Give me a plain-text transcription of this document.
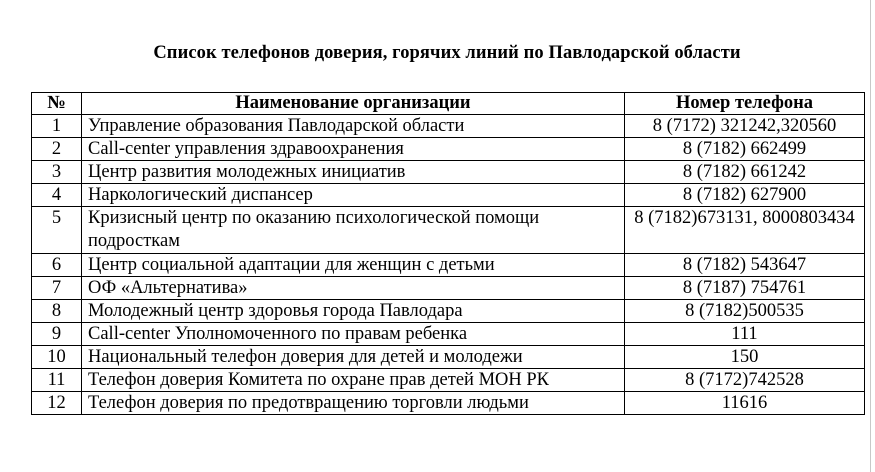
Список телефонов доверия, горячих линий по Павлодарской области
№	Наименование организации	Номер телефона
1	Управление образования Павлодарской области	8 (7172) 321242,320560
2	Call-center управления здравоохранения	8 (7182) 662499
3	Центр развития молодежных инициатив	8 (7182) 661242
4	Наркологический диспансер	8 (7182) 627900
5	Кризисный центр по оказанию психологической помощи подросткам	8 (7182)673131, 8000803434
6	Центр социальной адаптации для женщин с детьми	8 (7182) 543647
7	ОФ «Альтернатива»	8 (7187) 754761
8	Молодежный центр здоровья города Павлодара	8 (7182)500535
9	Call-center Уполномоченного по правам ребенка	111
10	Национальный телефон доверия для детей и молодежи	150
11	Телефон доверия Комитета по охране прав детей МОН РК	8 (7172)742528
12	Телефон доверия по предотвращению торговли людьми	11616
